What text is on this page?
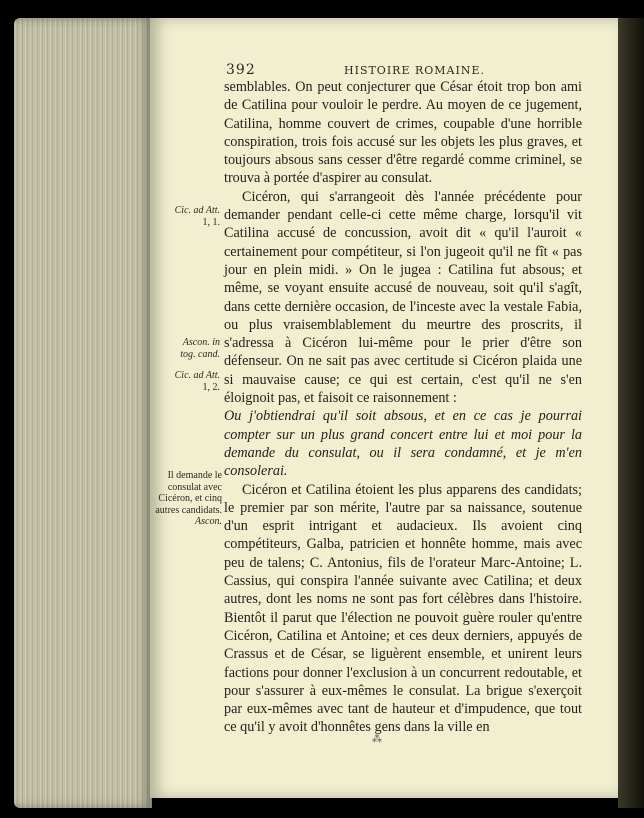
392	HISTOIRE ROMAINE.

semblables. On peut conjecturer que César étoit trop bon ami de Catilina pour vouloir le perdre. Au moyen de ce jugement, Catilina, homme couvert de crimes, coupable d'une horrible conspiration, trois fois accusé sur les objets les plus graves, et toujours absous sans cesser d'être regardé comme criminel, se trouva à portée d'aspirer au consulat.

Cicéron, qui s'arrangeoit dès l'année précédente pour demander pendant celle-ci cette même charge, lorsqu'il vit Catilina accusé de concussion, avoit dit « qu'il l'auroit « certainement pour compétiteur, si l'on jugeoit qu'il ne fît « pas jour en plein midi. » On le jugea : Catilina fut absous; et même, se voyant ensuite accusé de nouveau, soit qu'il s'agît, dans cette dernière occasion, de l'inceste avec la vestale Fabia, ou plus vraisemblablement du meurtre des proscrits, il s'adressa à Cicéron lui-même pour le prier d'être son défenseur. On ne sait pas avec certitude si Cicéron plaida une si mauvaise cause; ce qui est certain, c'est qu'il ne s'en éloignoit pas, et faisoit ce raisonnement :

Ou j'obtiendrai qu'il soit absous, et en ce cas je pourrai compter sur un plus grand concert entre lui et moi pour la demande du consulat, ou il sera condamné, et je m'en consolerai.

Cicéron et Catilina étoient les plus apparens des candidats; le premier par son mérite, l'autre par sa naissance, soutenue d'un esprit intrigant et audacieux. Ils avoient cinq compétiteurs, Galba, patricien et honnête homme, mais avec peu de talens; C. Antonius, fils de l'orateur Marc-Antoine; L. Cassius, qui conspira l'année suivante avec Catilina; et deux autres, dont les noms ne sont pas fort célèbres dans l'histoire. Bientôt il parut que l'élection ne pouvoit guère rouler qu'entre Cicéron, Catilina et Antoine; et ces deux derniers, appuyés de Crassus et de César, se liguèrent ensemble, et unirent leurs factions pour donner l'exclusion à un concurrent redoutable, et pour s'assurer à eux-mêmes le consulat. La brigue s'exerçoit par eux-mêmes avec tant de hauteur et d'impudence, que tout ce qu'il y avoit d'honnêtes gens dans la ville en

Cic. ad Att.
1, 1.
Ascon. in
tog. cand.
Cic. ad Att.
1, 2.
Il demande le consulat avec Cicéron, et cinq autres candidats.
Ascon.
⁂
